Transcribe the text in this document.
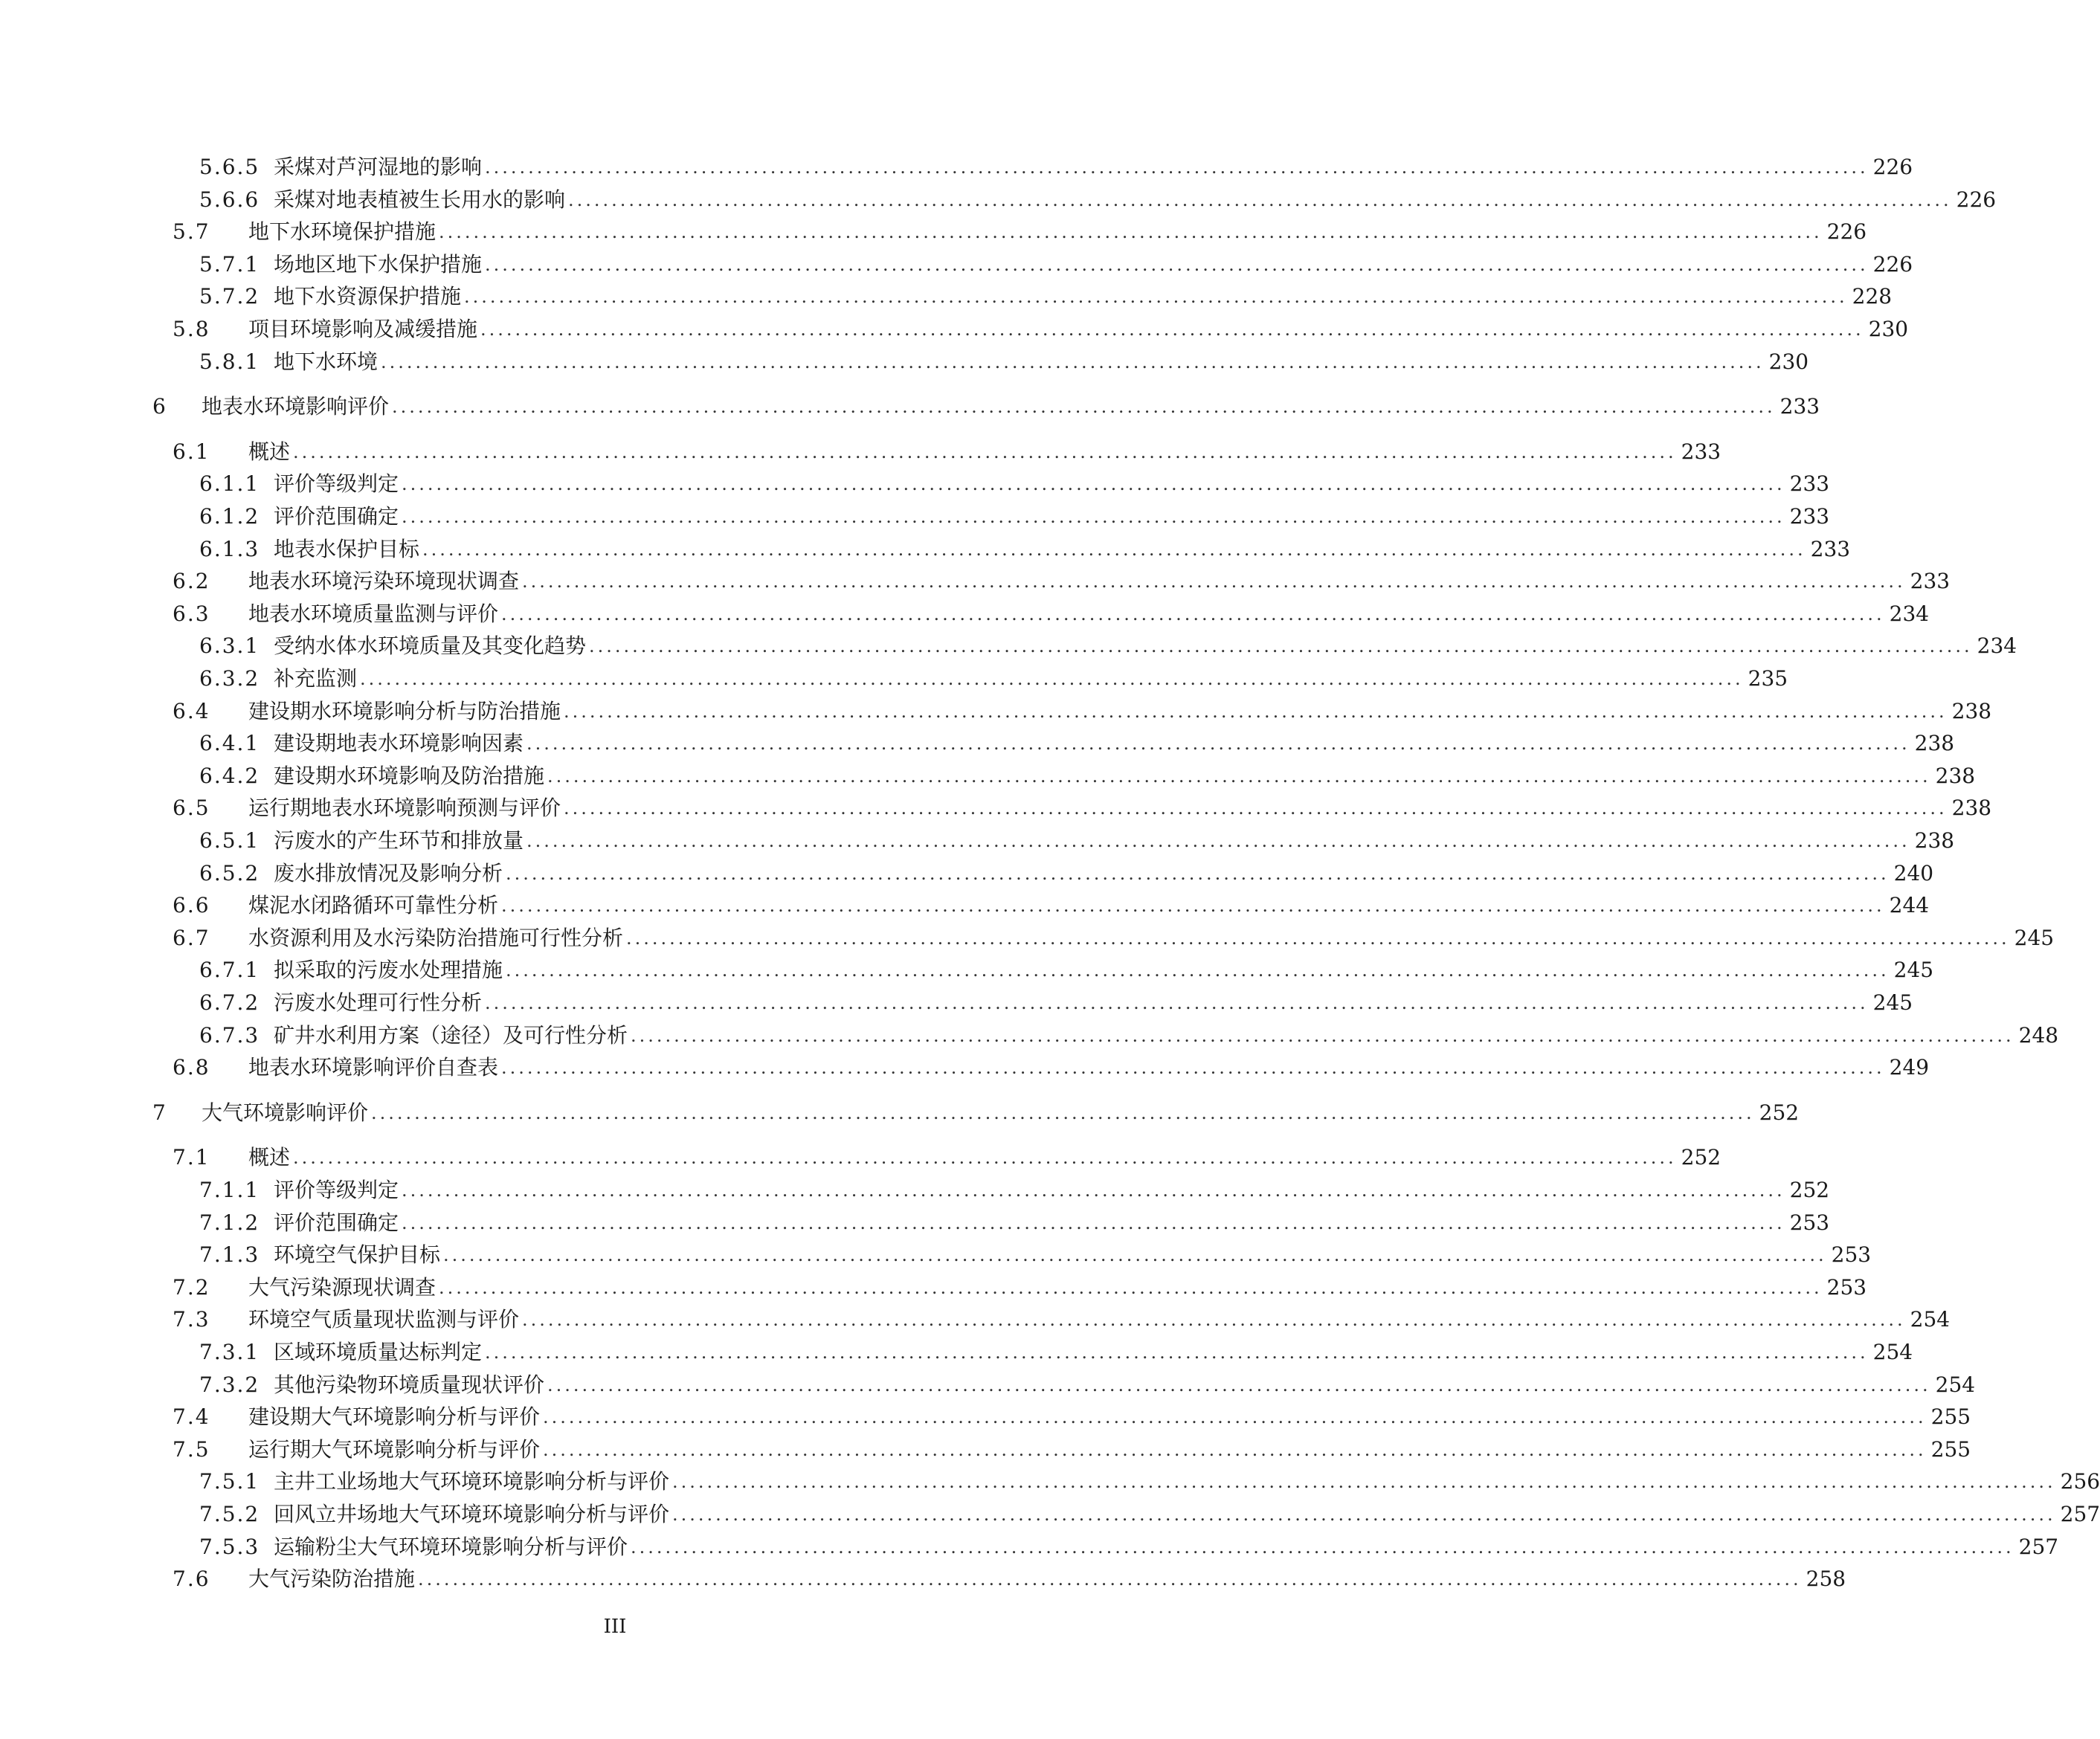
5.6.5 采煤对芦河湿地的影响 ................................................................................................................................................................ 226
5.6.6 采煤对地表植被生长用水的影响 ................................................................................................................................................................ 226
5.7	地下水环境保护措施 ................................................................................................................................................................ 226
5.7.1 场地区地下水保护措施 ................................................................................................................................................................ 226
5.7.2 地下水资源保护措施 ................................................................................................................................................................ 228
5.8	项目环境影响及减缓措施 ................................................................................................................................................................ 230
5.8.1 地下水环境 ................................................................................................................................................................ 230
6	地表水环境影响评价 ................................................................................................................................................................ 233
6.1	概述 ................................................................................................................................................................ 233
6.1.1 评价等级判定 ................................................................................................................................................................ 233
6.1.2 评价范围确定 ................................................................................................................................................................ 233
6.1.3 地表水保护目标 ................................................................................................................................................................ 233
6.2	地表水环境污染环境现状调查 ................................................................................................................................................................ 233
6.3	地表水环境质量监测与评价 ................................................................................................................................................................ 234
6.3.1 受纳水体水环境质量及其变化趋势 ................................................................................................................................................................ 234
6.3.2 补充监测 ................................................................................................................................................................ 235
6.4	建设期水环境影响分析与防治措施 ................................................................................................................................................................ 238
6.4.1 建设期地表水环境影响因素 ................................................................................................................................................................ 238
6.4.2 建设期水环境影响及防治措施 ................................................................................................................................................................ 238
6.5	运行期地表水环境影响预测与评价 ................................................................................................................................................................ 238
6.5.1 污废水的产生环节和排放量 ................................................................................................................................................................ 238
6.5.2 废水排放情况及影响分析 ................................................................................................................................................................ 240
6.6	煤泥水闭路循环可靠性分析 ................................................................................................................................................................ 244
6.7	水资源利用及水污染防治措施可行性分析 ................................................................................................................................................................ 245
6.7.1 拟采取的污废水处理措施 ................................................................................................................................................................ 245
6.7.2 污废水处理可行性分析 ................................................................................................................................................................ 245
6.7.3 矿井水利用方案（途径）及可行性分析 ................................................................................................................................................................ 248
6.8	地表水环境影响评价自查表 ................................................................................................................................................................ 249
7	大气环境影响评价 ................................................................................................................................................................ 252
7.1	概述 ................................................................................................................................................................ 252
7.1.1 评价等级判定 ................................................................................................................................................................ 252
7.1.2 评价范围确定 ................................................................................................................................................................ 253
7.1.3 环境空气保护目标 ................................................................................................................................................................ 253
7.2	大气污染源现状调查 ................................................................................................................................................................ 253
7.3	环境空气质量现状监测与评价 ................................................................................................................................................................ 254
7.3.1 区域环境质量达标判定 ................................................................................................................................................................ 254
7.3.2 其他污染物环境质量现状评价 ................................................................................................................................................................ 254
7.4	建设期大气环境影响分析与评价 ................................................................................................................................................................ 255
7.5	运行期大气环境影响分析与评价 ................................................................................................................................................................ 255
7.5.1 主井工业场地大气环境环境影响分析与评价 ................................................................................................................................................................ 256
7.5.2 回风立井场地大气环境环境影响分析与评价 ................................................................................................................................................................ 257
7.5.3 运输粉尘大气环境环境影响分析与评价 ................................................................................................................................................................ 257
7.6	大气污染防治措施 ................................................................................................................................................................ 258
III
